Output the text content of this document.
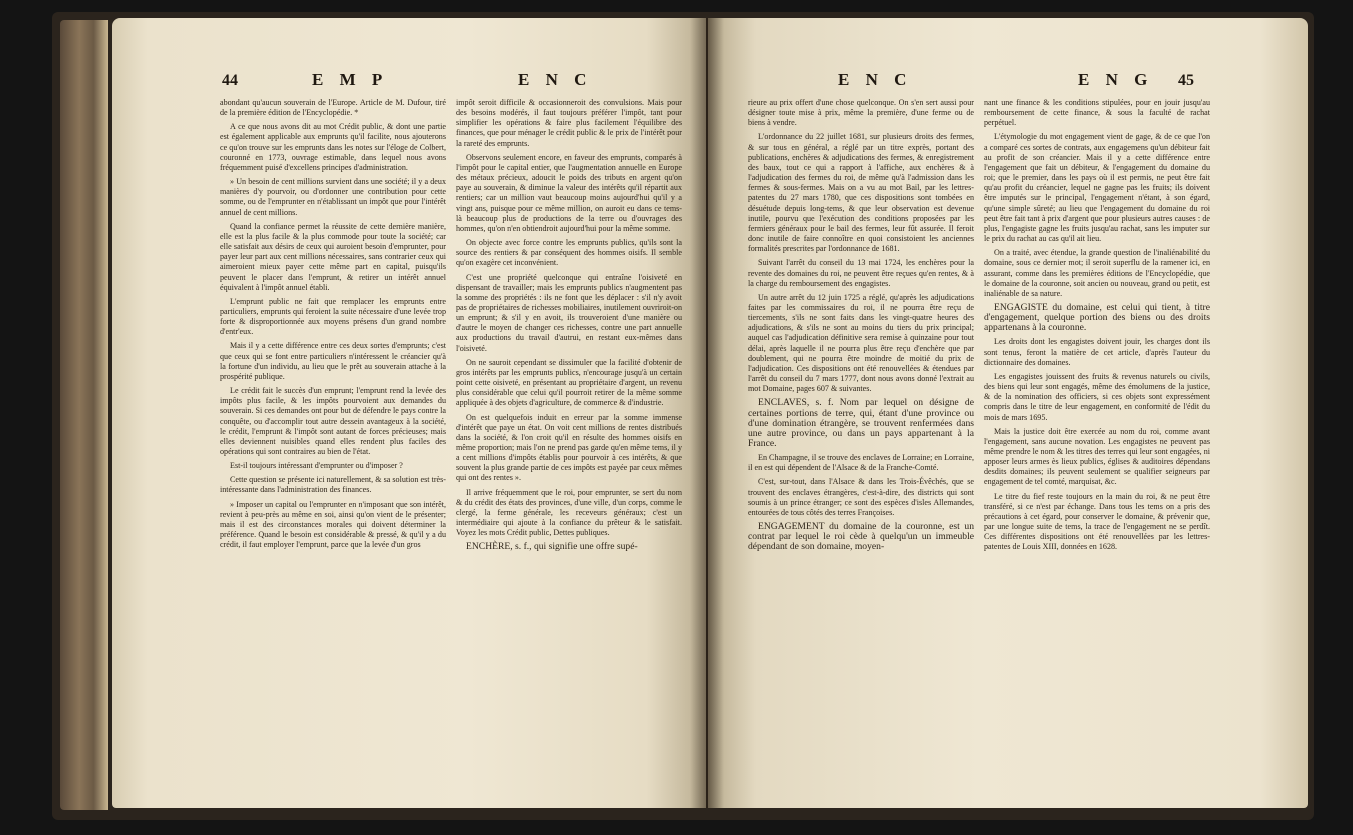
44	E M P	E N C

abondant qu'aucun souverain de l'Europe. Article de M. Dufour, tiré de la première édition de l'Encyclopédie. *

A ce que nous avons dit au mot Crédit public, & dont une partie est également applicable aux emprunts qu'il facilite, nous ajouterons ce qu'on trouve sur les emprunts dans les notes sur l'éloge de Colbert, couronné en 1773, ouvrage estimable, dans lequel nous avons fréquemment puisé d'excellens principes d'administration.

» Un besoin de cent millions survient dans une société; il y a deux manières d'y pourvoir, ou d'ordonner une contribution pour cette somme, ou de l'emprunter en n'établissant un impôt que pour l'intérêt annuel de cent millions.

Quand la confiance permet la réussite de cette dernière manière, elle est la plus facile & la plus commode pour toute la société; car elle satisfait aux désirs de ceux qui auroient besoin d'emprunter, pour payer leur part aux cent millions nécessaires, sans contrarier ceux qui aimeroient mieux payer cette même part en capital, puisqu'ils peuvent le placer dans l'emprunt, & retirer un intérêt annuel équivalent à l'impôt annuel établi.

L'emprunt public ne fait que remplacer les emprunts entre particuliers, emprunts qui feroient la suite nécessaire d'une levée trop forte & disproportionnée aux moyens présens d'un grand nombre d'entr'eux.

Mais il y a cette différence entre ces deux sortes d'emprunts; c'est que ceux qui se font entre particuliers n'intéressent le créancier qu'à la fortune d'un individu, au lieu que le prêt au souverain attache à la prospérité publique.

Le crédit fait le succès d'un emprunt; l'emprunt rend la levée des impôts plus facile, & les impôts pourvoient aux demandes du souverain. Si ces demandes ont pour but de défendre le pays contre la conquête, ou d'accomplir tout autre dessein avantageux à la société, le crédit, l'emprunt & l'impôt sont autant de forces précieuses; mais elles deviennent nuisibles quand elles rendent plus faciles des opérations qui sont contraires au bien de l'état.

Est-il toujours intéressant d'emprunter ou d'imposer ?

Cette question se présente ici naturellement, & sa solution est très-intéressante dans l'administration des finances.

» Imposer un capital ou l'emprunter en n'imposant que son intérêt, revient à peu-près au même en soi, ainsi qu'on vient de le présenter; mais il est des circonstances morales qui doivent déterminer la préférence. Quand le besoin est considérable & pressé, & qu'il y a du crédit, il faut employer l'emprunt, parce que la levée d'un gros

impôt seroit difficile & occasionneroit des convulsions. Mais pour des besoins modérés, il faut toujours préférer l'impôt, tant pour simplifier les opérations & faire plus facilement l'équilibre des finances, que pour ménager le crédit public & le prix de l'intérêt pour la rareté des emprunts.

Observons seulement encore, en faveur des emprunts, comparés à l'impôt pour le capital entier, que l'augmentation annuelle en Europe des métaux précieux, adoucit le poids des tributs en argent qu'on paye au souverain, & diminue la valeur des intérêts qu'il répartit aux rentiers; car un million vaut beaucoup moins aujourd'hui qu'il y a vingt ans, puisque pour ce même million, on auroit eu dans ce tems-là beaucoup plus de productions de la terre ou d'ouvrages des hommes, qu'on n'en obtiendroit aujourd'hui pour la même somme.

On objecte avec force contre les emprunts publics, qu'ils sont la source des rentiers & par conséquent des hommes oisifs. Il semble qu'on exagère cet inconvénient.

C'est une propriété quelconque qui entraîne l'oisiveté en dispensant de travailler; mais les emprunts publics n'augmentent pas la somme des propriétés : ils ne font que les déplacer : s'il n'y avoit pas de propriétaires de richesses mobiliaires, inutilement ouvriroit-on un emprunt; & s'il y en avoit, ils trouveroient d'une manière ou d'autre le moyen de changer ces richesses, contre une part annuelle aux productions du travail d'autrui, en restant eux-mêmes dans l'oisiveté.

On ne sauroit cependant se dissimuler que la facilité d'obtenir de gros intérêts par les emprunts publics, n'encourage jusqu'à un certain point cette oisiveté, en présentant au propriétaire d'argent, un revenu plus considérable que celui qu'il pourroit retirer de la même somme appliquée à des objets d'agriculture, de commerce & d'industrie.

On est quelquefois induit en erreur par la somme immense d'intérêt que paye un état. On voit cent millions de rentes distribués dans la société, & l'on croit qu'il en résulte des hommes oisifs en même proportion; mais l'on ne prend pas garde qu'en même tems, il y a cent millions d'impôts établis pour pourvoir à ces intérêts, & que souvent la plus grande partie de ces impôts est payée par ceux mêmes qui ont des rentes ».

Il arrive fréquemment que le roi, pour emprunter, se sert du nom & du crédit des états des provinces, d'une ville, d'un corps, comme le clergé, la ferme générale, les receveurs généraux; c'est un intermédiaire qui ajoute à la confiance du prêteur & le satisfait. Voyez les mots Crédit public, Dettes publiques.

ENCHÈRE, s. f., qui signifie une offre supé-

E N C	E N G 45

rieure au prix offert d'une chose quelconque. On s'en sert aussi pour désigner toute mise à prix, même la première, d'une ferme ou de biens à vendre.

L'ordonnance du 22 juillet 1681, sur plusieurs droits des fermes, & sur tous en général, a réglé par un titre exprès, portant des publications, enchères & adjudications des fermes, & enregistrement des baux, tout ce qui a rapport à l'affiche, aux enchères & à l'adjudication des fermes du roi, de même qu'à l'admission dans les fermes & sous-fermes. Mais on a vu au mot Bail, par les lettres-patentes du 27 mars 1780, que ces dispositions sont tombées en désuétude depuis long-tems, & que leur observation est devenue inutile, pourvu que l'exécution des conditions proposées par les fermiers généraux pour le bail des fermes, leur fût assurée. Il feroit donc inutile de faire connoître en quoi consistoient les anciennes formalités prescrites par l'ordonnance de 1681.

Suivant l'arrêt du conseil du 13 mai 1724, les enchères pour la revente des domaines du roi, ne peuvent être reçues qu'en rentes, & à la charge du remboursement des engagistes.

Un autre arrêt du 12 juin 1725 a réglé, qu'après les adjudications faites par les commissaires du roi, il ne pourra être reçu de tiercements, s'ils ne sont faits dans les vingt-quatre heures des adjudications, & s'ils ne sont au moins du tiers du prix principal; auquel cas l'adjudication définitive sera remise à quinzaine pour tout délai, après laquelle il ne pourra plus être reçu d'enchère que par doublement, qui ne pourra être moindre de moitié du prix de l'adjudication. Ces dispositions ont été renouvellées & étendues par l'arrêt du conseil du 7 mars 1777, dont nous avons donné l'extrait au mot Domaine, pages 607 & suivantes.

ENCLAVES, s. f. Nom par lequel on désigne de certaines portions de terre, qui, étant d'une province ou d'une domination étrangère, se trouvent renfermées dans une autre province, ou dans un pays appartenant à la France.

En Champagne, il se trouve des enclaves de Lorraine; en Lorraine, il en est qui dépendent de l'Alsace & de la Franche-Comté.

C'est, sur-tout, dans l'Alsace & dans les Trois-Évêchés, que se trouvent des enclaves étrangères, c'est-à-dire, des districts qui sont soumis à un prince étranger; ce sont des espèces d'isles Allemandes, entourées de tous côtés des terres Françoises.

ENGAGEMENT du domaine de la couronne, est un contrat par lequel le roi cède à quelqu'un un immeuble dépendant de son domaine, moyen-

nant une finance & les conditions stipulées, pour en jouir jusqu'au remboursement de cette finance, & sous la faculté de rachat perpétuel.

L'étymologie du mot engagement vient de gage, & de ce que l'on a comparé ces sortes de contrats, aux engagemens qu'un débiteur fait au profit de son créancier. Mais il y a cette différence entre l'engagement que fait un débiteur, & l'engagement du domaine du roi; que le premier, dans les pays où il est permis, ne peut être fait qu'au profit du créancier, lequel ne gagne pas les fruits; ils doivent être imputés sur le principal, l'engagement n'étant, à son égard, qu'une simple sûreté; au lieu que l'engagement du domaine du roi peut être fait tant à prix d'argent que pour plusieurs autres causes : de plus, l'engagiste gagne les fruits jusqu'au rachat, sans les imputer sur le prix du rachat au cas qu'il ait lieu.

On a traité, avec étendue, la grande question de l'inaliénabilité du domaine, sous ce dernier mot; il seroit superflu de la ramener ici, en assurant, comme dans les premières éditions de l'Encyclopédie, que le domaine de la couronne, soit ancien ou nouveau, grand ou petit, est inaliénable de sa nature.

ENGAGISTE du domaine, est celui qui tient, à titre d'engagement, quelque portion des biens ou des droits appartenans à la couronne.

Les droits dont les engagistes doivent jouir, les charges dont ils sont tenus, feront la matière de cet article, d'après l'auteur du dictionnaire des domaines.

Les engagistes jouissent des fruits & revenus naturels ou civils, des biens qui leur sont engagés, même des émolumens de la justice, & de la nomination des officiers, si ces objets sont expressément compris dans le titre de leur engagement, en conformité de l'édit du mois de mars 1695.

Mais la justice doit être exercée au nom du roi, comme avant l'engagement, sans aucune novation. Les engagistes ne peuvent pas même prendre le nom & les titres des terres qui leur sont engagées, ni apposer leurs armes ès lieux publics, églises & auditoires dépendans desdits domaines; ils peuvent seulement se qualifier seigneurs par engagement de tel comté, marquisat, &c.

Le titre du fief reste toujours en la main du roi, & ne peut être transféré, si ce n'est par échange. Dans tous les tems on a pris des précautions à cet égard, pour conserver le domaine, & prévenir que, par une longue suite de tems, la trace de l'engagement ne se perdît. Ces différentes dispositions ont été renouvellées par les lettres-patentes de Louis XIII, données en 1628.
